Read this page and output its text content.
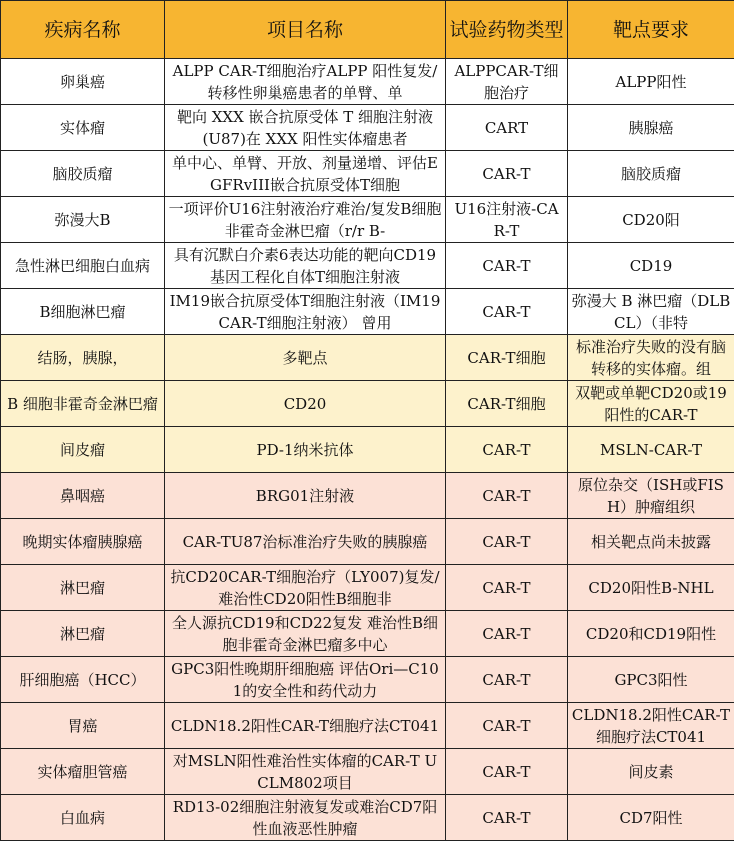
疾病名称	项目名称	试验药物类型	靶点要求

卵巢癌	ALPP CAR-T细胞治疗ALPP 阳性复发/转移性卵巢癌患者的单臂、单	ALPPCAR-T细胞治疗	ALPP阳性

实体瘤	靶向 XXX 嵌合抗原受体 T 细胞注射液(U87)在 XXX 阳性实体瘤患者	CART	胰腺癌

脑胶质瘤	单中心、单臂、开放、剂量递增、评估EGFRvIII嵌合抗原受体T细胞	CAR-T	脑胶质瘤

弥漫大B	一项评价U16注射液治疗难治/复发B细胞非霍奇金淋巴瘤（r/r B-	U16注射液-CAR-T	CD20阳

急性淋巴细胞白血病	具有沉默白介素6表达功能的靶向CD19基因工程化自体T细胞注射液	CAR-T	CD19

B细胞淋巴瘤	IM19嵌合抗原受体T细胞注射液（IM19CAR-T细胞注射液） 曾用	CAR-T	弥漫大 B 淋巴瘤（DLBCL）（非特

结肠，胰腺，	多靶点	CAR-T细胞	标准治疗失败的没有脑转移的实体瘤。组

B 细胞非霍奇金淋巴瘤	CD20	CAR-T细胞	双靶或单靶CD20或19阳性的CAR-T

间皮瘤	PD-1纳米抗体	CAR-T	MSLN-CAR-T

鼻咽癌	BRG01注射液	CAR-T	原位杂交（ISH或FISH）肿瘤组织

晚期实体瘤胰腺癌	CAR-TU87治标准治疗失败的胰腺癌	CAR-T	相关靶点尚未披露

淋巴瘤	抗CD20CAR-T细胞治疗（LY007)复发/难治性CD20阳性B细胞非	CAR-T	CD20阳性B-NHL

淋巴瘤	全人源抗CD19和CD22复发 难治性B细胞非霍奇金淋巴瘤多中心	CAR-T	CD20和CD19阳性

肝细胞癌（HCC）	GPC3阳性晚期肝细胞癌 评估Ori—C101的安全性和药代动力	CAR-T	GPC3阳性

胃癌	CLDN18.2阳性CAR-T细胞疗法CT041	CAR-T	CLDN18.2阳性CAR-T细胞疗法CT041

实体瘤胆管癌	对MSLN阳性难治性实体瘤的CAR-T UCLM802项目	CAR-T	间皮素

白血病	RD13-02细胞注射液复发或难治CD7阳性血液恶性肿瘤	CAR-T	CD7阳性
